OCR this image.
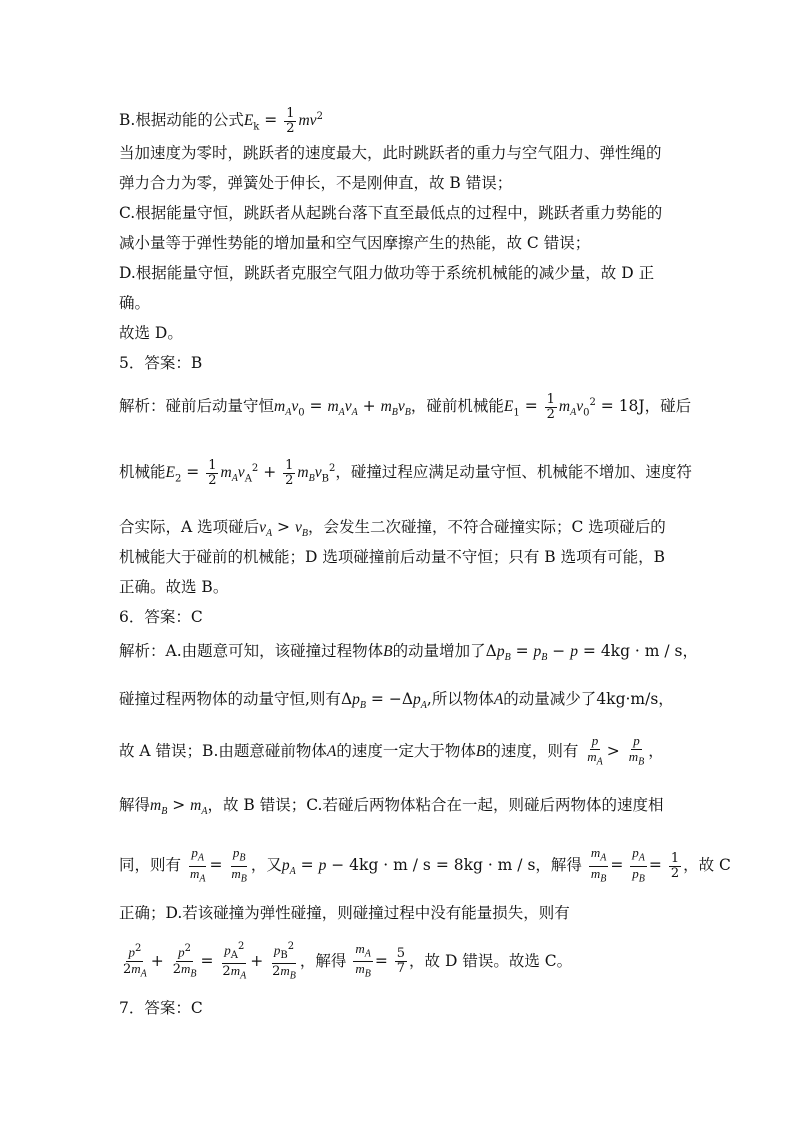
B.根据动能的公式$E_k = \frac{1}{2} mv^2$
当加速度为零时，跳跃者的速度最大，此时跳跃者的重力与空气阻力、弹性绳的
弹力合力为零，弹簧处于伸长，不是刚伸直，故 B 错误；
C.根据能量守恒，跳跃者从起跳台落下直至最低点的过程中，跳跃者重力势能的
减小量等于弹性势能的增加量和空气因摩擦产生的热能，故 C 错误；
D.根据能量守恒，跳跃者克服空气阻力做功等于系统机械能的减少量，故 D 正
确。
故选 D。
5．答案：B
解析：碰前后动量守恒$m_Av_0 = m_Av_A + m_Bv_B$，碰前机械能$E_1 = \frac{1}{2} m_Av_0^2 = 18J$，碰后
机械能$E_2 = \frac{1}{2} m_Av_A^2 + \frac{1}{2} m_Bv_B^2$，碰撞过程应满足动量守恒、机械能不增加、速度符
合实际，A 选项碰后$v_A > v_B$，会发生二次碰撞，不符合碰撞实际；C 选项碰后的
机械能大于碰前的机械能；D 选项碰撞前后动量不守恒；只有 B 选项有可能，B
正确。故选 B。
6．答案：C
解析：A.由题意可知，该碰撞过程物体B的动量增加了$\Delta p_B = p_B - p = 4kg \cdot m / s$，
碰撞过程两物体的动量守恒,则有$\Delta p_B = -\Delta p_A$,所以物体A的动量减少了4kg·m/s，
故 A 错误；B.由题意碰前物体A的速度一定大于物体B的速度，则有 $\frac{p}{m_A} > \frac{p}{m_B}$ ，
解得$m_B > m_A$，故 B 错误；C.若碰后两物体粘合在一起，则碰后两物体的速度相
同，则有 $\frac{p_A}{m_A} = \frac{p_B}{m_B}$ ，又$p_A = p - 4kg \cdot m / s = 8kg \cdot m / s$，解得 $\frac{m_A}{m_B} = \frac{p_A}{p_B} = \frac{1}{2}$ ，故 C
正确；D.若该碰撞为弹性碰撞，则碰撞过程中没有能量损失，则有
$\frac{p^2}{2m_A} + \frac{p^2}{2m_B} = \frac{p_A^2}{2m_A} + \frac{p_B^2}{2m_B}$ ，解得 $\frac{m_A}{m_B} = \frac{5}{7}$ ，故 D 错误。故选 C。
7．答案：C
